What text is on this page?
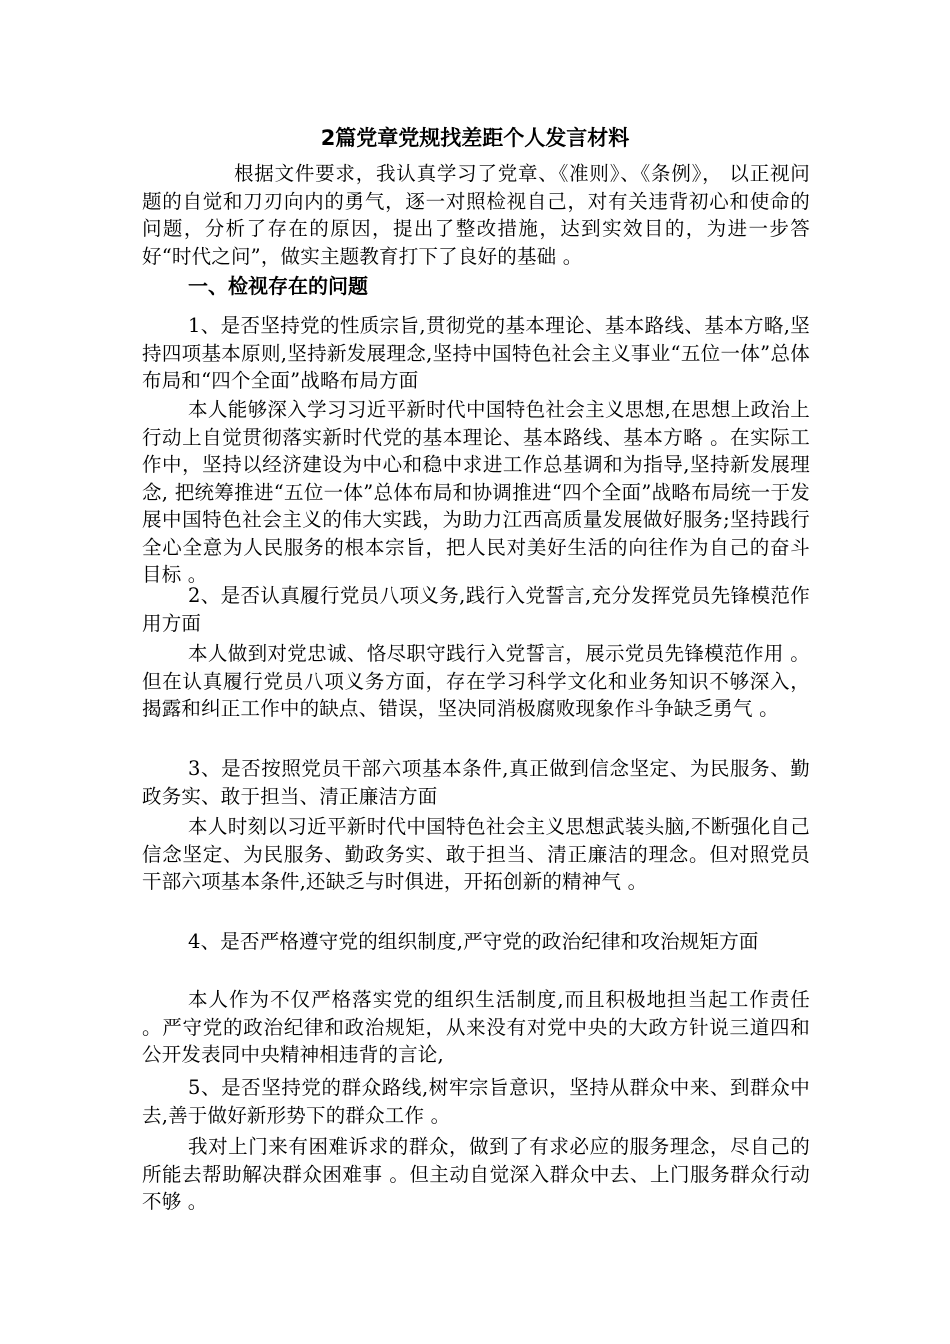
2篇党章党规找差距个人发言材料

根据文件要求，我认真学习了党章、《准则》、《条例》， 以正视问题的自觉和刀刃向内的勇气，逐一对照检视自己，对有关违背初心和使命的问题，分析了存在的原因，提出了整改措施，达到实效目的，为进一步答好“时代之问”，做实主题教育打下了良好的基础 。

一、检视存在的问题

1、是否坚持党的性质宗旨,贯彻党的基本理论、基本路线、基本方略,坚持四项基本原则,坚持新发展理念,坚持中国特色社会主义事业“五位一体”总体布局和“四个全面”战略布局方面

本人能够深入学习习近平新时代中国特色社会主义思想,在思想上政治上行动上自觉贯彻落实新时代党的基本理论、基本路线、基本方略 。在实际工作中，坚持以经济建设为中心和稳中求进工作总基调和为指导,坚持新发展理念, 把统筹推进“五位一体”总体布局和协调推进“四个全面”战略布局统一于发展中国特色社会主义的伟大实践，为助力江西高质量发展做好服务;坚持践行全心全意为人民服务的根本宗旨，把人民对美好生活的向往作为自己的奋斗目标 。

2、是否认真履行党员八项义务,践行入党誓言,充分发挥党员先锋模范作用方面

本人做到对党忠诚、恪尽职守践行入党誓言，展示党员先锋模范作用 。但在认真履行党员八项义务方面，存在学习科学文化和业务知识不够深入，揭露和纠正工作中的缺点、错误，坚决同消极腐败现象作斗争缺乏勇气 。

3、是否按照党员干部六项基本条件,真正做到信念坚定、为民服务、勤政务实、敢于担当、清正廉洁方面

本人时刻以习近平新时代中国特色社会主义思想武装头脑,不断强化自己信念坚定、为民服务、勤政务实、敢于担当、清正廉洁的理念。但对照党员干部六项基本条件,还缺乏与时俱进，开拓创新的精神气 。

4、是否严格遵守党的组织制度,严守党的政治纪律和攻治规矩方面

本人作为不仅严格落实党的组织生活制度,而且积极地担当起工作责任 。严守党的政治纪律和政治规矩，从来没有对党中央的大政方针说三道四和公开发表同中央精神相违背的言论,

5、是否坚持党的群众路线,树牢宗旨意识，坚持从群众中来、到群众中去,善于做好新形势下的群众工作 。

我对上门来有困难诉求的群众，做到了有求必应的服务理念，尽自己的所能去帮助解决群众困难事 。但主动自觉深入群众中去、上门服务群众行动不够 。
